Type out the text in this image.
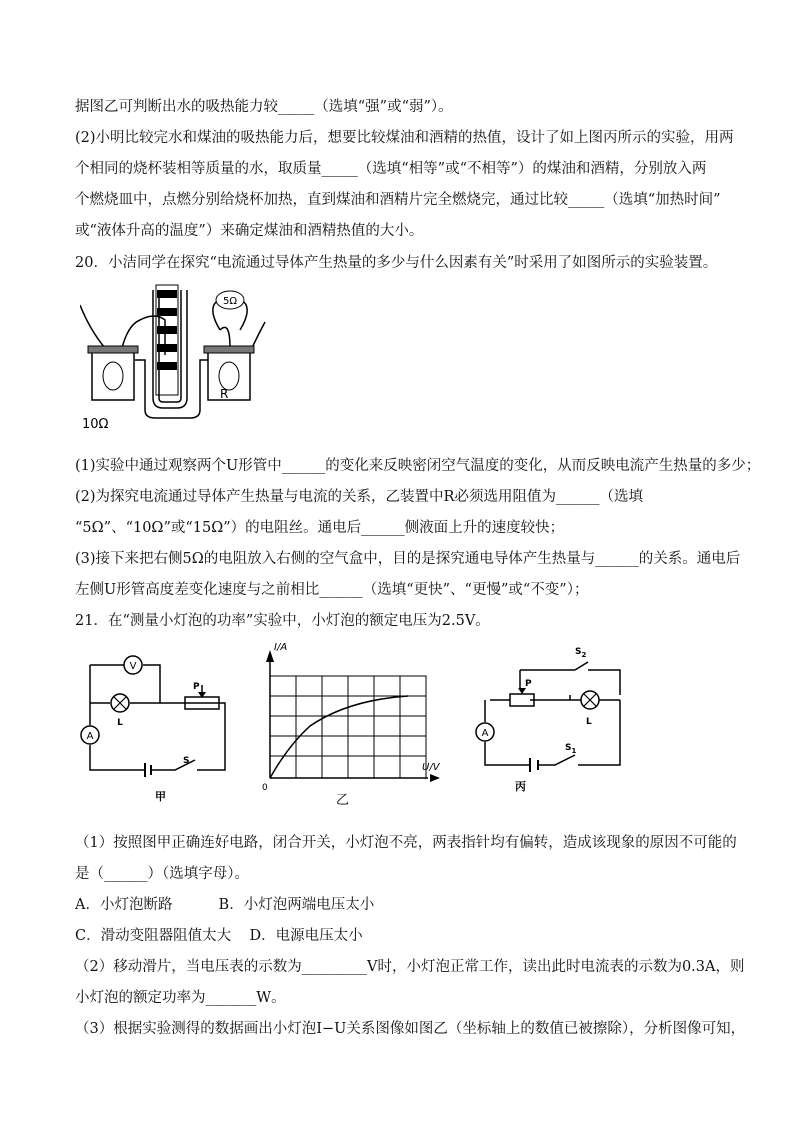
据图乙可判断出水的吸热能力较_____（选填“强”或“弱”）。
(2)小明比较完水和煤油的吸热能力后，想要比较煤油和酒精的热值，设计了如上图丙所示的实验，用两
个相同的烧杯装相等质量的水，取质量_____（选填“相等”或“不相等”）的煤油和酒精，分别放入两
个燃烧皿中，点燃分别给烧杯加热，直到煤油和酒精片完全燃烧完，通过比较_____（选填“加热时间”
或“液体升高的温度”）来确定煤油和酒精热值的大小。
20．小洁同学在探究“电流通过导体产生热量的多少与什么因素有关”时采用了如图所示的实验装置。
5Ω
10Ω
R
(1)实验中通过观察两个U形管中______的变化来反映密闭空气温度的变化，从而反映电流产生热量的多少；
(2)为探究电流通过导体产生热量与电流的关系，乙装置中R必须选用阻值为______（选填
“5Ω”、“10Ω”或“15Ω”）的电阻丝。通电后______侧液面上升的速度较快；
(3)接下来把右侧5Ω的电阻放入右侧的空气盒中，目的是探究通电导体产生热量与______的关系。通电后
左侧U形管高度差变化速度与之前相比______（选填“更快”、“更慢”或“不变”）；
21．在“测量小灯泡的功率”实验中，小灯泡的额定电压为2.5V。
V
L
A
P
S
甲
I/A
U/V
0
乙
A
L
P
$S_2$
$S_1$
丙
（1）按照图甲正确连好电路，闭合开关，小灯泡不亮，两表指针均有偏转，造成该现象的原因不可能的
是（______）（选填字母）。
A．小灯泡断路          B．小灯泡两端电压太小
C．滑动变阻器阻值太大    D．电源电压太小
（2）移动滑片，当电压表的示数为_________V时，小灯泡正常工作，读出此时电流表的示数为0.3A，则
小灯泡的额定功率为_______W。
（3）根据实验测得的数据画出小灯泡I−U关系图像如图乙（坐标轴上的数值已被擦除），分析图像可知，
